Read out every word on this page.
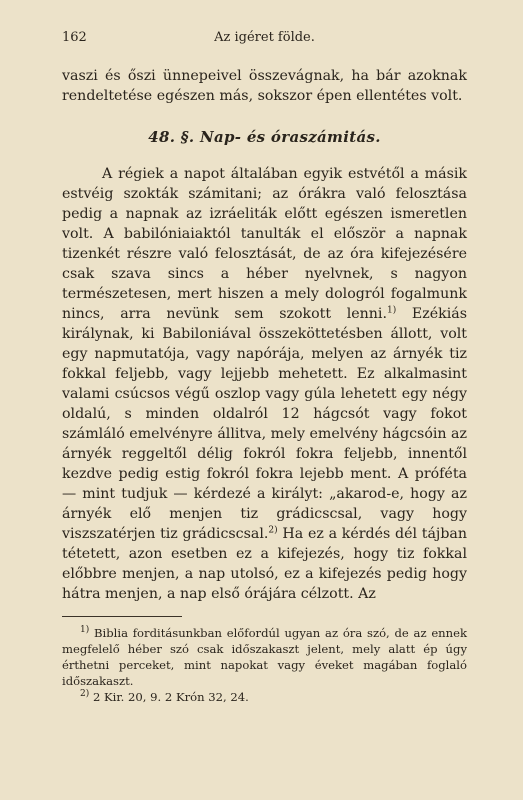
162	Az igéret földe.

vaszi és őszi ünnepeivel összevágnak, ha bár azoknak rendeltetése egészen más, sokszor épen ellentétes volt.

48. §. Nap- és óraszámitás.

A régiek a napot általában egyik estvétől a másik estvéig szokták számitani; az órákra való felosztása pedig a napnak az izráeliták előtt egészen ismeretlen volt. A babilóniaiaktól tanulták el először a napnak tizenkét részre való felosztását, de az óra kifejezésére csak szava sincs a héber nyelvnek, s nagyon természetesen, mert hiszen a mely dologról fogalmunk nincs, arra nevünk sem szokott lenni.$^{1)}$ Ezékiás királynak, ki Babiloniával összeköttetésben állott, volt egy napmutatója, vagy napórája, melyen az árnyék tiz fokkal feljebb, vagy lejjebb mehetett. Ez alkalmasint valami csúcsos végű oszlop vagy gúla lehetett egy négy oldalú, s minden oldalról 12 hágcsót vagy fokot számláló emelvényre állitva, mely emelvény hágcsóin az árnyék reggeltől délig fokról fokra feljebb, innentől kezdve pedig estig fokról fokra lejebb ment. A próféta — mint tudjuk — kérdezé a királyt: „akarod-e, hogy az árnyék elő menjen tiz grádicscsal, vagy hogy viszszatérjen tiz grádicscsal.$^{2)}$ Ha ez a kérdés dél tájban tétetett, azon esetben ez a kifejezés, hogy tiz fokkal előbbre menjen, a nap utolsó, ez a kifejezés pedig hogy hátra menjen, a nap első órájára célzott. Az

$^{1)}$ Biblia forditásunkban előfordúl ugyan az óra szó, de az ennek megfelelő héber szó csak időszakaszt jelent, mely alatt ép úgy érthetni perceket, mint napokat vagy éveket magában foglaló időszakaszt.

$^{2)}$ 2 Kir. 20, 9. 2 Krón 32, 24.
